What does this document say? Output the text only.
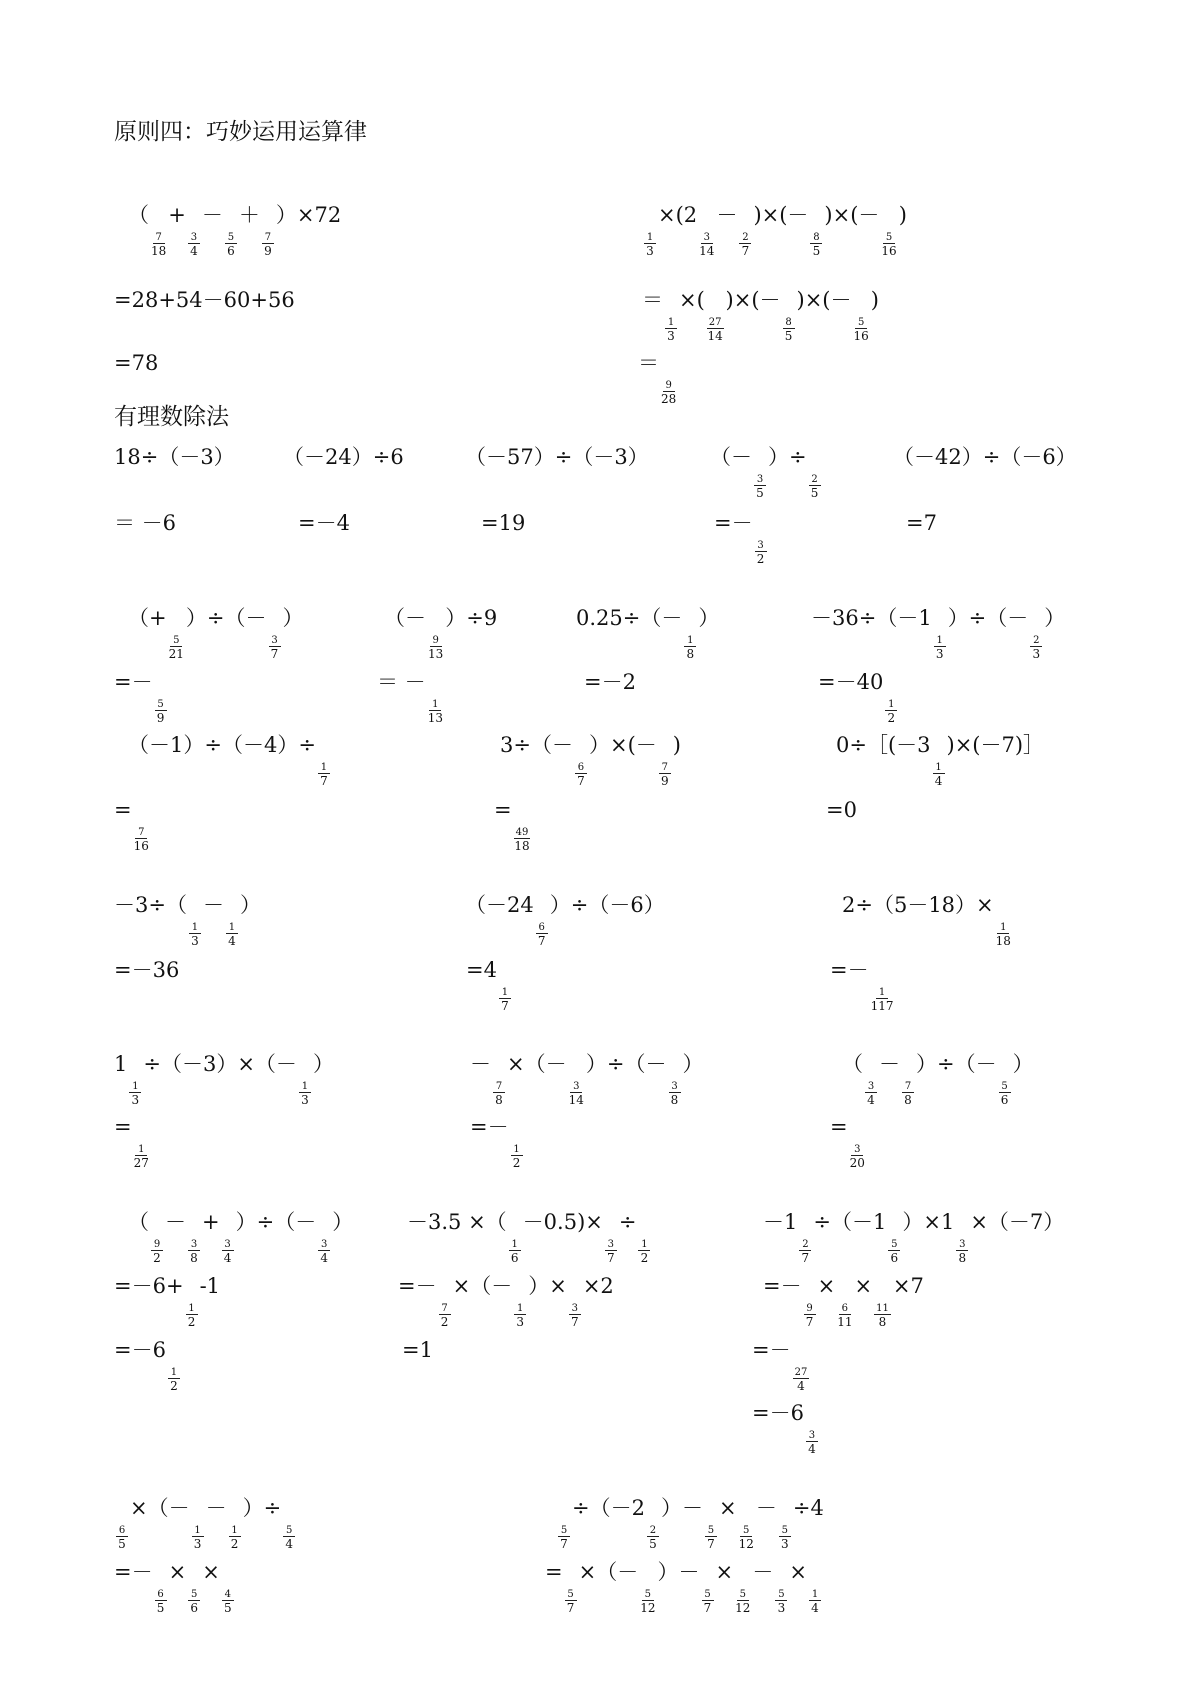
原则四：巧妙运用运算律
有理数除法
（
7
18
+
3
4
－
5
6
＋
7
9
）×72
1
3
×(2
3
14
－
2
7
)×(－
8
5
)×(－
5
16
)
=28+54－60+56	＝
1
3
×(
27
14
)×(－
8
5
)×(－
5
16
)
=78	＝
9
28
18÷（－3） （－24）÷6	（－57）÷（－3）	（－
3
5
）÷
2
5
（－42）÷（－6）
＝ －6	=－4	=19	=－
3
2
=7
（+
5
21
）÷（－
3
7
）	（－
9
13
）÷9	0.25÷（－
1
8
）	－36÷（－1
1
3
）÷（－
2
3
）
=－
5
9
＝ －
1
13
=－2	=－40
1
2
（－1）÷（－4）÷
1
7
3÷（－
6
7
）×(－
7
9
)	0÷［(－3
1
4
)×(－7)］
=
7
16
=
49
18
=0
－3÷（
1
3
－
1
4
）	（－24
6
7
）÷（－6）	2÷（5－18）×
1
18
=－36	=4
1
7
=－
1
117
1
1
3
÷（－3）×（－
1
3
）	－
7
8
×（－
3
14
）÷（－
3
8
）	（
3
4
－
7
8
）÷（－
5
6
）
=
1
27
=－
1
2
=
3
20
（
9
2
－
3
8
+
3
4
）÷（－
3
4
）	－3.5 ×（
1
6
－0.5)×
3
7
÷
1
2
－1
2
7
÷（－1
5
6
）×1
3
8
×（－7）
=－6+
1
2
-1	=－
7
2
×（－
1
3
）×
3
7
×2	=－
9
7
×
6
11
×
11
8
×7
=－6
1
2
=1	=－
27
4
=－6
3
4
6
5
×（－
1
3
－
1
2
）÷
5
4
5
7
÷（－2
2
5
）－
5
7
×
5
12
－
5
3
÷4
=－
6
5
×
5
6
×
4
5
=
5
7
×（－
5
12
）－
5
7
×
5
12
－
5
3
×
1
4
